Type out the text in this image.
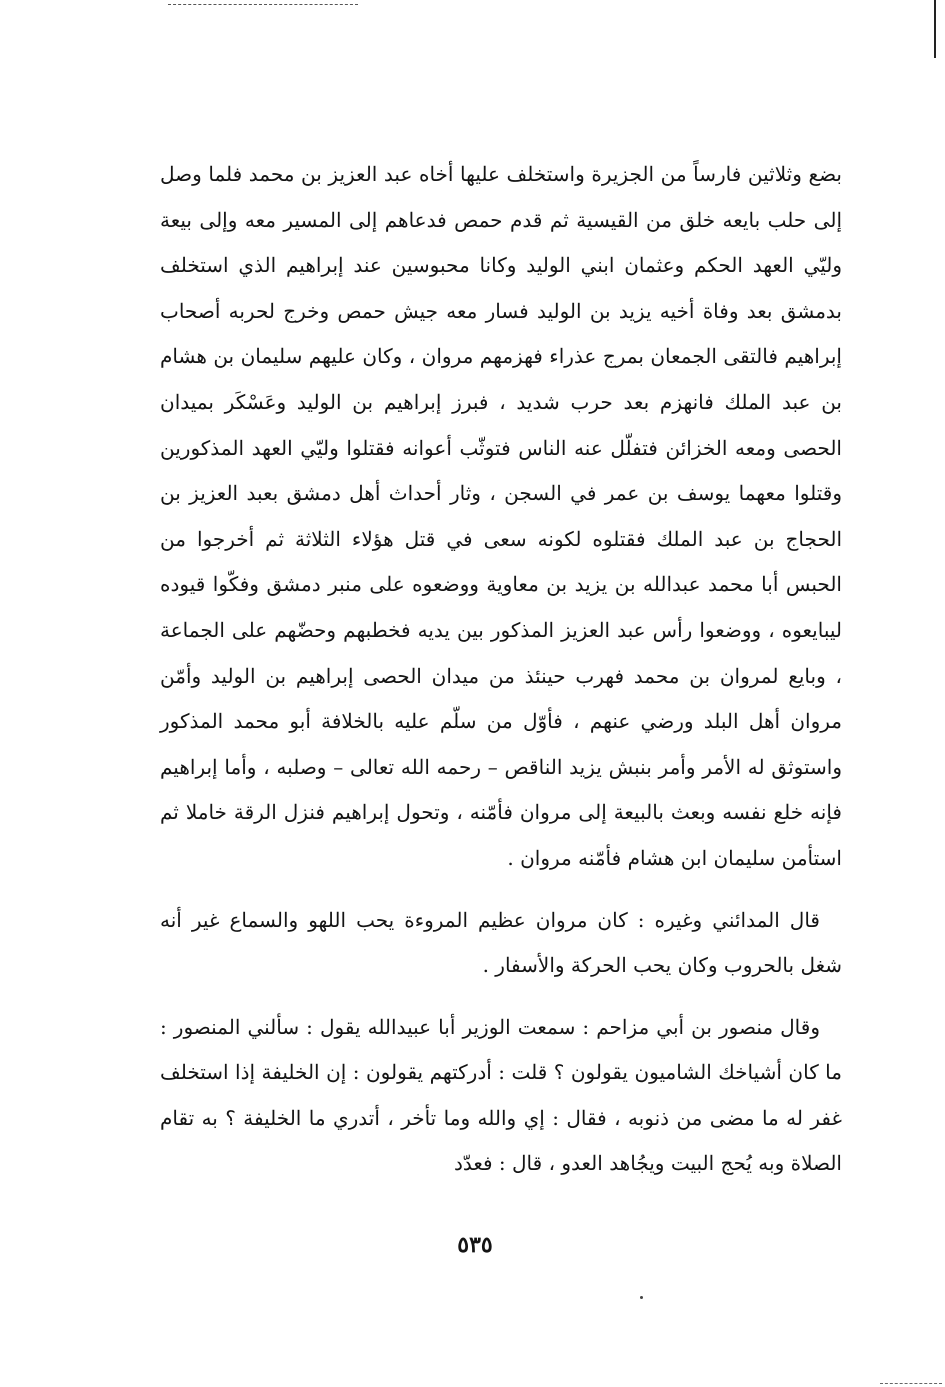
بضع وثلاثين فارساً من الجزيرة واستخلف عليها أخاه عبد العزيز بن محمد فلما وصل إلى حلب بايعه خلق من القيسية ثم قدم حمص فدعاهم إلى المسير معه وإلى بيعة وليّي العهد الحكم وعثمان ابني الوليد وكانا محبوسين عند إبراهيم الذي استخلف بدمشق بعد وفاة أخيه يزيد بن الوليد فسار معه جيش حمص وخرج لحربه أصحاب إبراهيم فالتقى الجمعان بمرج عذراء فهزمهم مروان ، وكان عليهم سليمان بن هشام بن عبد الملك فانهزم بعد حرب شديد ، فبرز إبراهيم بن الوليد وعَسْكَر بميدان الحصى ومعه الخزائن فتفلّل عنه الناس فتوثّب أعوانه فقتلوا وليّي العهد المذكورين وقتلوا معهما يوسف بن عمر في السجن ، وثار أحداث أهل دمشق بعبد العزيز بن الحجاج بن عبد الملك فقتلوه لكونه سعى في قتل هؤلاء الثلاثة ثم أخرجوا من الحبس أبا محمد عبدالله بن يزيد بن معاوية ووضعوه على منبر دمشق وفكّوا قيوده ليبايعوه ، ووضعوا رأس عبد العزيز المذكور بين يديه فخطبهم وحضّهم على الجماعة ، وبايع لمروان بن محمد فهرب حينئذ من ميدان الحصى إبراهيم بن الوليد وأمّن مروان أهل البلد ورضي عنهم ، فأوّل من سلّم عليه بالخلافة أبو محمد المذكور واستوثق له الأمر وأمر بنبش يزيد الناقص – رحمه الله تعالى – وصلبه ، وأما إبراهيم فإنه خلع نفسه وبعث بالبيعة إلى مروان فأمّنه ، وتحول إبراهيم فنزل الرقة خاملا ثم استأمن سليمان ابن هشام فأمّنه مروان .

قال المدائني وغيره : كان مروان عظيم المروءة يحب اللهو والسماع غير أنه شغل بالحروب وكان يحب الحركة والأسفار .

وقال منصور بن أبي مزاحم : سمعت الوزير أبا عبيدالله يقول : سألني المنصور : ما كان أشياخك الشاميون يقولون ؟ قلت : أدركتهم يقولون : إن الخليفة إذا استخلف غفر له ما مضى من ذنوبه ، فقال : إي والله وما تأخر ، أتدري ما الخليفة ؟ به تقام الصلاة وبه يُحج البيت ويجُاهد العدو ، قال : فعدّد

٥٣٥
